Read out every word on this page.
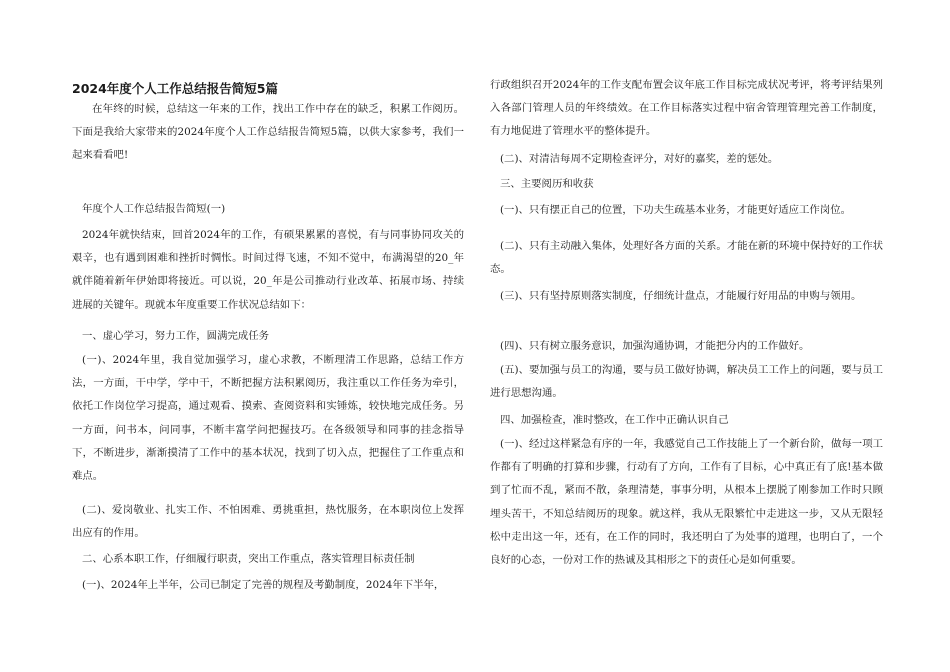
2024年度个人工作总结报告简短5篇

在年终的时候，总结这一年来的工作，找出工作中存在的缺乏，积累工作阅历。下面是我给大家带来的2024年度个人工作总结报告简短5篇，以供大家参考，我们一起来看看吧!

年度个人工作总结报告简短(一)

2024年就快结束，回首2024年的工作，有硕果累累的喜悦，有与同事协同攻关的艰辛，也有遇到困难和挫折时惆怅。时间过得飞速，不知不觉中，布满渴望的20_年就伴随着新年伊始即将接近。可以说，20_年是公司推动行业改革、拓展市场、持续进展的关键年。现就本年度重要工作状况总结如下：

一、虚心学习，努力工作，圆满完成任务

(一)、2024年里，我自觉加强学习，虚心求教，不断理清工作思路，总结工作方法，一方面，干中学，学中干，不断把握方法积累阅历，我注重以工作任务为牵引，依托工作岗位学习提高，通过观看、摸索、查阅资料和实锤炼，较快地完成任务。另一方面，问书本，问同事，不断丰富学问把握技巧。在各级领导和同事的挂念指导下，不断进步，渐渐摸清了工作中的基本状况，找到了切入点，把握住了工作重点和难点。

(二)、爱岗敬业、扎实工作、不怕困难、勇挑重担，热忱服务，在本职岗位上发挥出应有的作用。

二、心系本职工作，仔细履行职责，突出工作重点，落实管理目标责任制

(一)、2024年上半年，公司已制定了完善的规程及考勤制度，2024年下半年，

行政组织召开2024年的工作支配布置会议年底工作目标完成状况考评，将考评结果列入各部门管理人员的年终绩效。在工作目标落实过程中宿舍管理管理完善工作制度，有力地促进了管理水平的整体提升。

(二)、对清洁每周不定期检查评分，对好的嘉奖，差的惩处。

三、主要阅历和收获

(一)、只有摆正自己的位置，下功夫生疏基本业务，才能更好适应工作岗位。

(二)、只有主动融入集体，处理好各方面的关系。才能在新的环境中保持好的工作状态。

(三)、只有坚持原则落实制度，仔细统计盘点，才能履行好用品的申购与领用。

(四)、只有树立服务意识，加强沟通协调，才能把分内的工作做好。

(五)、要加强与员工的沟通，要与员工做好协调，解决员工工作上的问题，要与员工进行思想沟通。

四、加强检查，准时整改，在工作中正确认识自己

(一)、经过这样紧急有序的一年，我感觉自己工作技能上了一个新台阶，做每一项工作都有了明确的打算和步骤，行动有了方向，工作有了目标，心中真正有了底!基本做到了忙而不乱，紧而不散，条理清楚，事事分明，从根本上摆脱了刚参加工作时只顾埋头苦干，不知总结阅历的现象。就这样，我从无限繁忙中走进这一步，又从无限轻松中走出这一年，还有，在工作的同时，我还明白了为处事的道理，也明白了，一个良好的心态，一份对工作的热诚及其相形之下的责任心是如何重要。
